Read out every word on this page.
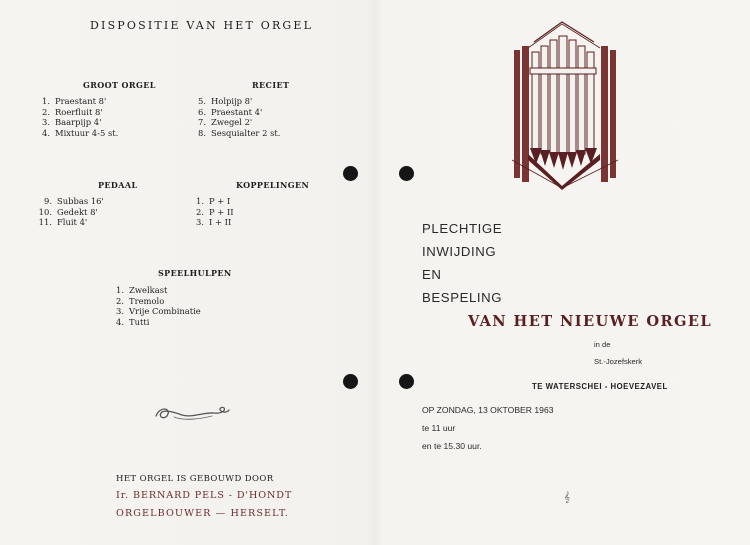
DISPOSITIE VAN HET ORGEL
GROOT ORGEL
1. Praestant 8'
2. Roerfluit 8'
3. Baarpijp 4'
4. Mixtuur 4-5 st.
RECIET
5. Holpijp 8'
6. Praestant 4'
7. Zwegel 2'
8. Sesquialter 2 st.
PEDAAL
9. Subbas 16'
10. Gedekt 8'
11. Fluit 4'
KOPPELINGEN
1. P + I
2. P + II
3. I + II
SPEELHULPEN
1. Zwelkast
2. Tremolo
3. Vrije Combinatie
4. Tutti
HET ORGEL IS GEBOUWD DOOR
Ir. BERNARD PELS - D'HONDT
ORGELBOUWER — HERSELT.
PLECHTIGE
INWIJDING
EN
BESPELING
VAN HET NIEUWE ORGEL
in de
St.-Jozefskerk
TE WATERSCHEI - HOEVEZAVEL
OP ZONDAG, 13 OKTOBER 1963
te 11 uur
en te 15.30 uur.
𝄞
